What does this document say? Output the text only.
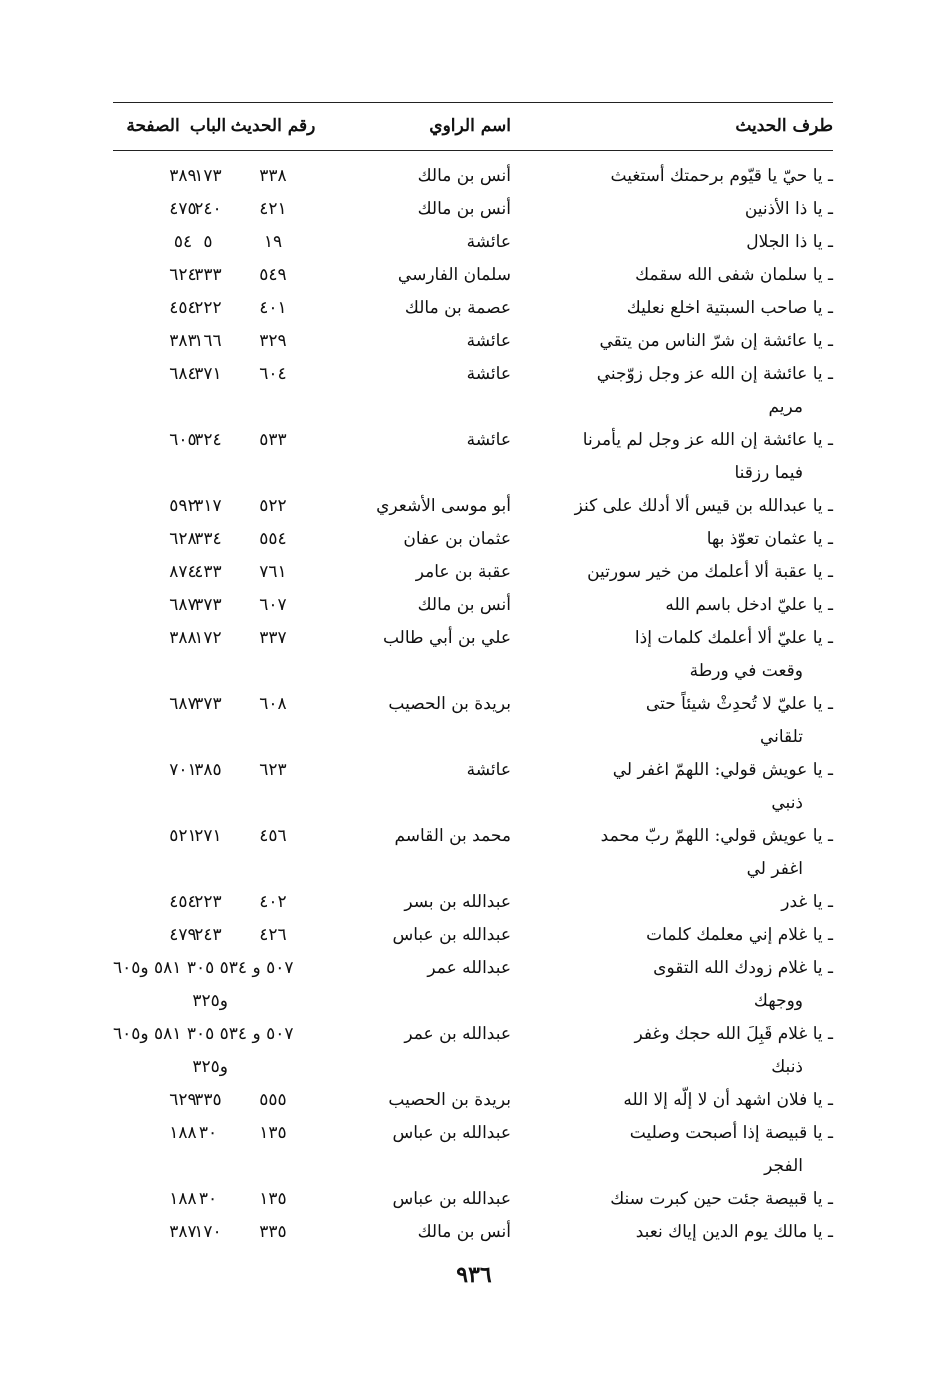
طرف الحديث
اسم الراوي
رقم الحديث
الباب
الصفحة
ـ يا حيّ يا قيّوم برحمتك أستغيث
أنس بن مالك
٣٣٨
١٧٣
٣٨٩
ـ يا ذا الأذنين
أنس بن مالك
٤٢١
٢٤٠
٤٧٥
ـ يا ذا الجلال
عائشة
١٩
٥
٥٤
ـ يا سلمان شفى الله سقمك
سلمان الفارسي
٥٤٩
٣٣٣
٦٢٤
ـ يا صاحب السبتية اخلع نعليك
عصمة بن مالك
٤٠١
٢٢٢
٤٥٤
ـ يا عائشة إن شرّ الناس من يتقي
عائشة
٣٢٩
١٦٦
٣٨٣
ـ يا عائشة إن الله عز وجل زوّجني
مريم
عائشة
٦٠٤
٣٧١
٦٨٤
ـ يا عائشة إن الله عز وجل لم يأمرنا
فيما رزقنا
عائشة
٥٣٣
٣٢٤
٦٠٥
ـ يا عبدالله بن قيس ألا أدلك على كنز
أبو موسى الأشعري
٥٢٢
٣١٧
٥٩٢
ـ يا عثمان تعوّذ بها
عثمان بن عفان
٥٥٤
٣٣٤
٦٢٨
ـ يا عقبة ألا أعلمك من خير سورتين
عقبة بن عامر
٧٦١
٤٣٣
٨٧٤
ـ يا عليّ ادخل باسم الله
أنس بن مالك
٦٠٧
٣٧٣
٦٨٧
ـ يا عليّ ألا أعلمك كلمات إذا
وقعت في ورطة
علي بن أبي طالب
٣٣٧
١٧٢
٣٨٨
ـ يا عليّ لا تُحدِثْ شيئاً حتى
تلقاني
بريدة بن الحصيب
٦٠٨
٣٧٣
٦٨٧
ـ يا عويش قولي: اللهمّ اغفر لي
ذنبي
عائشة
٦٢٣
٣٨٥
٧٠١
ـ يا عويش قولي: اللهمّ ربّ محمد
اغفر لي
محمد بن القاسم
٤٥٦
٢٧١
٥٢١
ـ يا غدر
عبدالله بن بسر
٤٠٢
٢٢٣
٤٥٤
ـ يا غلام إني معلمك كلمات
عبدالله بن عباس
٤٢٦
٢٤٣
٤٧٩
ـ يا غلام زودك الله التقوى
ووجهك
عبدالله عمر
٥٠٧ و ٥٣٤ ٣٠٥ ٥٨١ و٦٠٥
و٣٢٥
ـ يا غلام قَبِلَ الله حجك وغفر
ذنبك
عبدالله بن عمر
٥٠٧ و ٥٣٤ ٣٠٥ ٥٨١ و٦٠٥
و٣٢٥
ـ يا فلان اشهد أن لا إلّه إلا الله
بريدة بن الحصيب
٥٥٥
٣٣٥
٦٢٩
ـ يا قبيصة إذا أصبحت وصليت
الفجر
عبدالله بن عباس
١٣٥
٣٠
١٨٨
ـ يا قبيصة جئت حين كبرت سنك
عبدالله بن عباس
١٣٥
٣٠
١٨٨
ـ يا مالك يوم الدين إياك نعبد
أنس بن مالك
٣٣٥
١٧٠
٣٨٧
٩٣٦
